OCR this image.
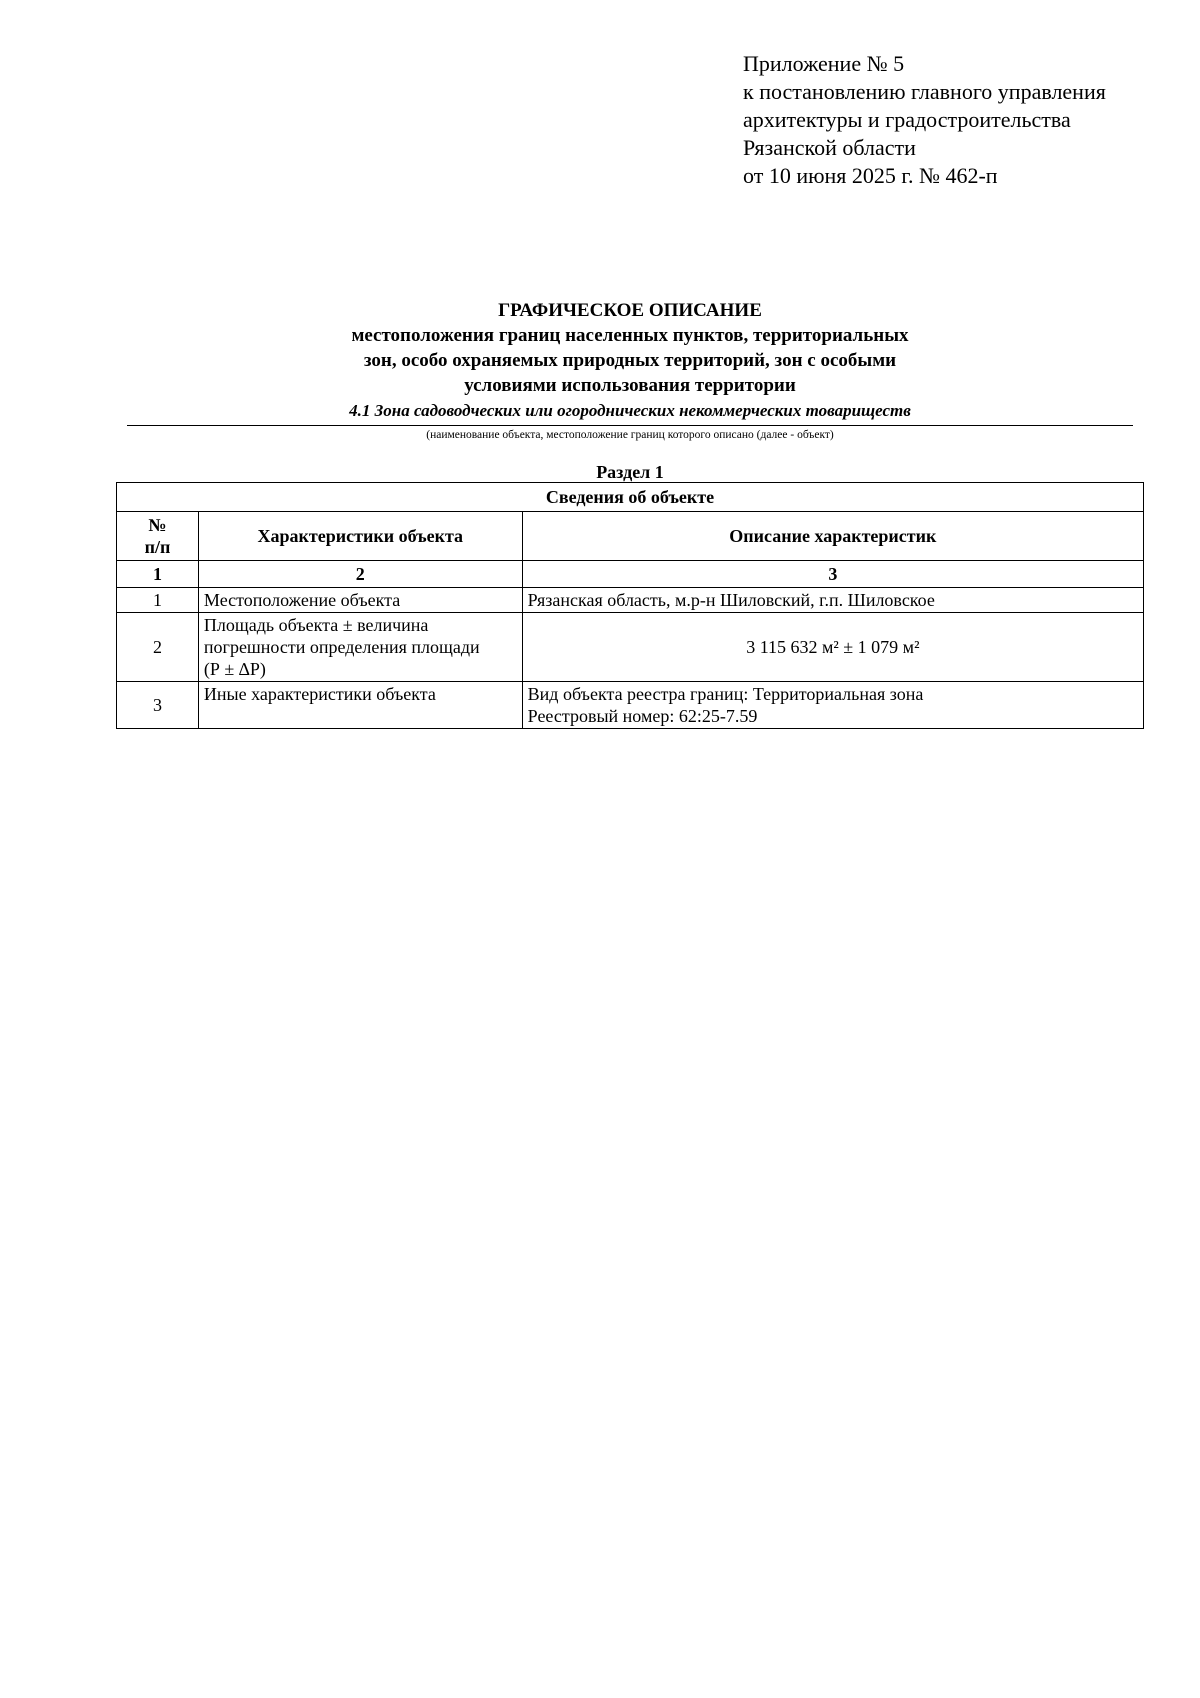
Приложение № 5
к постановлению главного управления
архитектуры и градостроительства
Рязанской области
от 10 июня 2025 г. № 462-п
ГРАФИЧЕСКОЕ ОПИСАНИЕ
местоположения границ населенных пунктов, территориальных
зон, особо охраняемых природных территорий, зон с особыми
условиями использования территории
4.1 Зона садоводческих или огороднических некоммерческих товариществ
(наименование объекта, местоположение границ которого описано (далее - объект)
Раздел 1
Сведения об объекте		

№
п/п	Характеристики объекта	Описание характеристик
1	2	3
1	Местоположение объекта	Рязанская область, м.р-н Шиловский, г.п. Шиловское
2	Площадь объекта ± величина
погрешности определения площади
(Р ± ∆Р)	3 115 632 м² ± 1 079 м²
3	Иные характеристики объекта	Вид объекта реестра границ: Территориальная зона
Реестровый номер: 62:25-7.59
